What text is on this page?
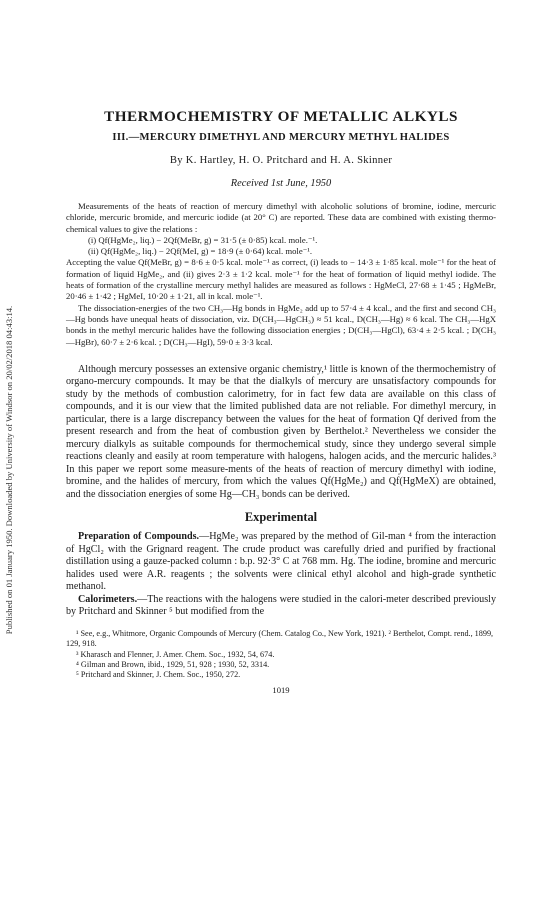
Published on 01 January 1950. Downloaded by University of Windsor on 20/02/2018 04:43:14.
THERMOCHEMISTRY OF METALLIC ALKYLS
III.—MERCURY DIMETHYL AND MERCURY METHYL HALIDES
By K. Hartley, H. O. Pritchard and H. A. Skinner
Received 1st June, 1950

Measurements of the heats of reaction of mercury dimethyl with alcoholic solutions of bromine, iodine, mercuric chloride, mercuric bromide, and mercuric iodide (at 20° C) are reported. These data are combined with existing thermo-chemical values to give the relations :

(i) Qf(HgMe₂, liq.) − 2Qf(MeBr, g) = 31·5 (± 0·85) kcal. mole.⁻¹.
(ii) Qf(HgMe₂, liq.) − 2Qf(MeI, g) = 18·9 (± 0·64) kcal. mole⁻¹.

Accepting the value Qf(MeBr, g) = 8·6 ± 0·5 kcal. mole⁻¹ as correct, (i) leads to − 14·3 ± 1·85 kcal. mole⁻¹ for the heat of formation of liquid HgMe₂, and (ii) gives 2·3 ± 1·2 kcal. mole⁻¹ for the heat of formation of liquid methyl iodide. The heats of formation of the crystalline mercury methyl halides are measured as follows : HgMeCl, 27·68 ± 1·45 ; HgMeBr, 20·46 ± 1·42 ; HgMeI, 10·20 ± 1·21, all in kcal. mole⁻¹.

The dissociation-energies of the two CH₃—Hg bonds in HgMe₂ add up to 57·4 ± 4 kcal., and the first and second CH₃—Hg bonds have unequal heats of dissociation, viz. D(CH₃—HgCH₃) ≈ 51 kcal., D(CH₃—Hg) ≈ 6 kcal. The CH₃—HgX bonds in the methyl mercuric halides have the following dissociation energies ; D(CH₃—HgCl), 63·4 ± 2·5 kcal. ; D(CH₃—HgBr), 60·7 ± 2·6 kcal. ; D(CH₃—HgI), 59·0 ± 3·3 kcal.

Although mercury possesses an extensive organic chemistry,¹ little is known of the thermochemistry of organo-mercury compounds. It may be that the dialkyls of mercury are unsatisfactory compounds for study by the methods of combustion calorimetry, for in fact few data are available on this class of compounds, and it is our view that the limited published data are not reliable. For dimethyl mercury, in particular, there is a large discrepancy between the values for the heat of formation Qf derived from the present research and from the heat of combustion given by Berthelot.² Nevertheless we consider the mercury dialkyls as suitable compounds for thermochemical study, since they undergo several simple reactions cleanly and easily at room temperature with halogens, halogen acids, and the mercuric halides.³ In this paper we report some measure-ments of the heats of reaction of mercury dimethyl with iodine, bromine, and the halides of mercury, from which the values Qf(HgMe₂) and Qf(HgMeX) are obtained, and the dissociation energies of some Hg—CH₃ bonds can be derived.

Experimental

Preparation of Compounds.—HgMe₂ was prepared by the method of Gil-man ⁴ from the interaction of HgCl₂ with the Grignard reagent. The crude product was carefully dried and purified by fractional distillation using a gauze-packed column : b.p. 92·3° C at 768 mm. Hg. The iodine, bromine and mercuric halides used were A.R. reagents ; the solvents were clinical ethyl alcohol and high-grade synthetic methanol.

Calorimeters.—The reactions with the halogens were studied in the calori-meter described previously by Pritchard and Skinner ⁵ but modified from the

¹ See, e.g., Whitmore, Organic Compounds of Mercury (Chem. Catalog Co., New York, 1921). ² Berthelot, Compt. rend., 1899, 129, 918.
³ Kharasch and Flenner, J. Amer. Chem. Soc., 1932, 54, 674.
⁴ Gilman and Brown, ibid., 1929, 51, 928 ; 1930, 52, 3314.
⁵ Pritchard and Skinner, J. Chem. Soc., 1950, 272.
1019
